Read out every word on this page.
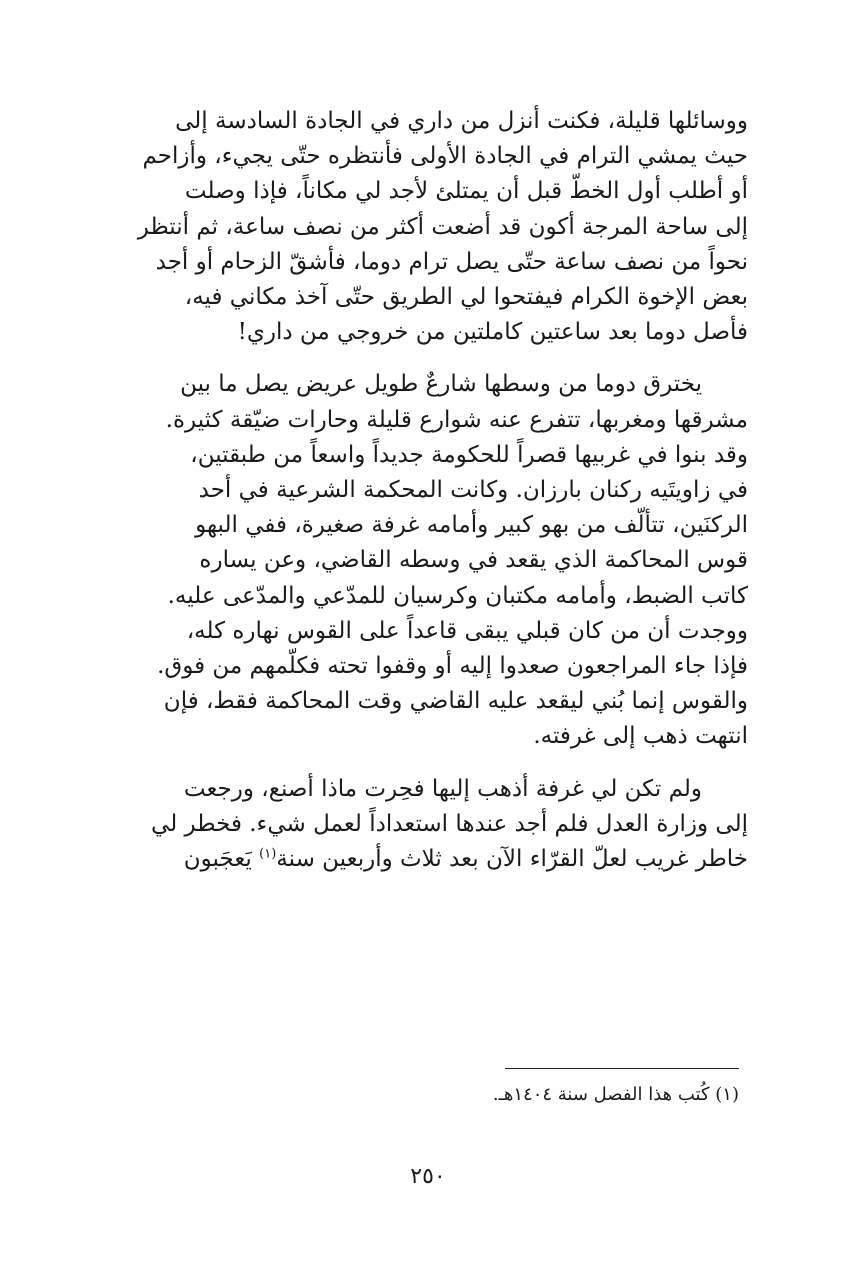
ووسائلها قليلة، فكنت أنزل من داري في الجادة السادسة إلى
حيث يمشي الترام في الجادة الأولى فأنتظره حتّى يجيء، وأزاحم
أو أطلب أول الخطّ قبل أن يمتلئ لأجد لي مكاناً، فإذا وصلت
إلى ساحة المرجة أكون قد أضعت أكثر من نصف ساعة، ثم أنتظر
نحواً من نصف ساعة حتّى يصل ترام دوما، فأشقّ الزحام أو أجد
بعض الإخوة الكرام فيفتحوا لي الطريق حتّى آخذ مكاني فيه،
فأصل دوما بعد ساعتين كاملتين من خروجي من داري!

يخترق دوما من وسطها شارعٌ طويل عريض يصل ما بين
مشرقها ومغربها، تتفرع عنه شوارع قليلة وحارات ضيّقة كثيرة.
وقد بنوا في غربيها قصراً للحكومة جديداً واسعاً من طبقتين،
في زاويتَيه ركنان بارزان. وكانت المحكمة الشرعية في أحد
الركنَين، تتألّف من بهو كبير وأمامه غرفة صغيرة، ففي البهو
قوس المحاكمة الذي يقعد في وسطه القاضي، وعن يساره
كاتب الضبط، وأمامه مكتبان وكرسيان للمدّعي والمدّعى عليه.
ووجدت أن من كان قبلي يبقى قاعداً على القوس نهاره كله،
فإذا جاء المراجعون صعدوا إليه أو وقفوا تحته فكلّمهم من فوق.
والقوس إنما بُني ليقعد عليه القاضي وقت المحاكمة فقط، فإن
انتهت ذهب إلى غرفته.

ولم تكن لي غرفة أذهب إليها فحِرت ماذا أصنع، ورجعت
إلى وزارة العدل فلم أجد عندها استعداداً لعمل شيء. فخطر لي
خاطر غريب لعلّ القرّاء الآن بعد ثلاث وأربعين سنة$^{(١)}$ يَعجَبون

(١) كُتب هذا الفصل سنة ١٤٠٤هـ.
٢٥٠
